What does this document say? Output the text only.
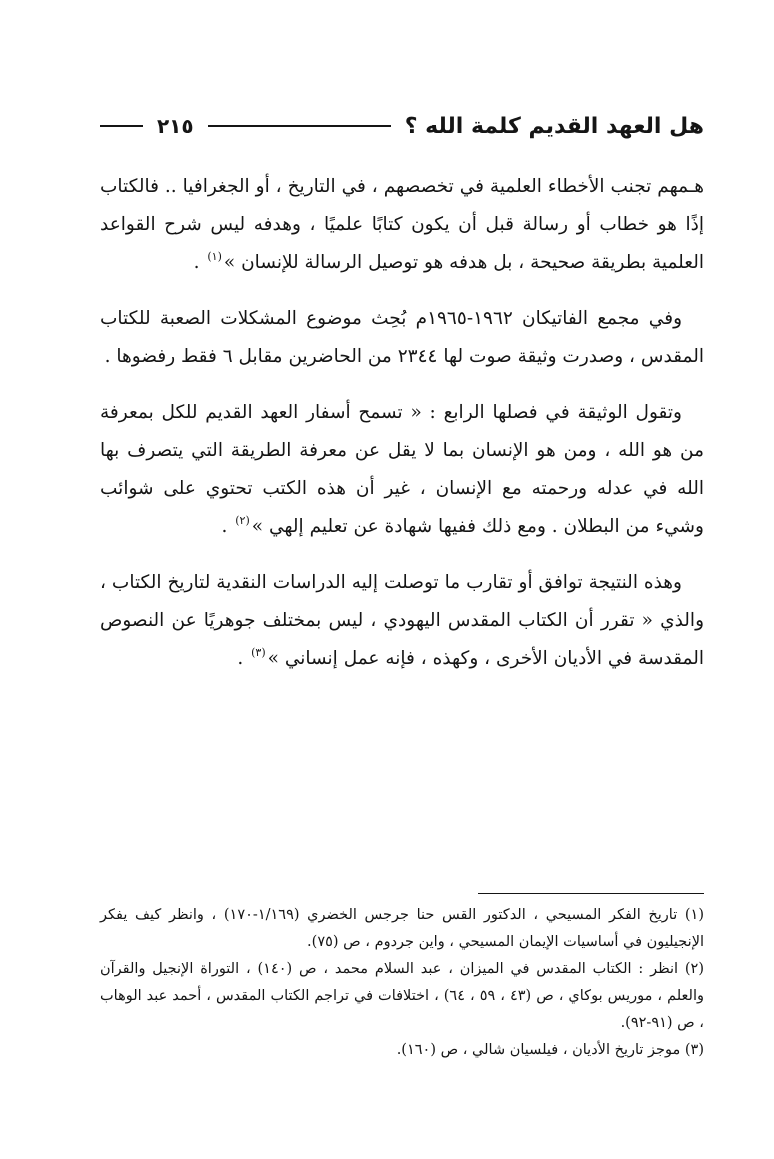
هل العهد القديم كلمة الله ؟
٢١٥

هـمهم تجنب الأخطاء العلمية في تخصصهم ، في التاريخ ، أو الجغرافيا .. فالكتاب إذًا هو خطاب أو رسالة قبل أن يكون كتابًا علميًا ، وهدفه ليس شرح القواعد العلمية بطريقة صحيحة ، بل هدفه هو توصيل الرسالة للإنسان »$^{(١)}$ .

وفي مجمع الفاتيكان ١٩٦٢-١٩٦٥م بُحِث موضوع المشكلات الصعبة للكتاب المقدس ، وصدرت وثيقة صوت لها ٢٣٤٤ من الحاضرين مقابل ٦ فقط رفضوها .

وتقول الوثيقة في فصلها الرابع : « تسمح أسفار العهد القديم للكل بمعرفة من هو الله ، ومن هو الإنسان بما لا يقل عن معرفة الطريقة التي يتصرف بها الله في عدله ورحمته مع الإنسان ، غير أن هذه الكتب تحتوي على شوائب وشيء من البطلان . ومع ذلك ففيها شهادة عن تعليم إلهي »$^{(٢)}$ .

وهذه النتيجة توافق أو تقارب ما توصلت إليه الدراسات النقدية لتاريخ الكتاب ، والذي « تقرر أن الكتاب المقدس اليهودي ، ليس بمختلف جوهريًا عن النصوص المقدسة في الأديان الأخرى ، وكهذه ، فإنه عمل إنساني »$^{(٣)}$ .

(١) تاريخ الفكر المسيحي ، الدكتور القس حنا جرجس الخضري (١/١٦٩-١٧٠) ، وانظر كيف يفكر الإنجيليون في أساسيات الإيمان المسيحي ، واين جردوم ، ص (٧٥).

(٢) انظر : الكتاب المقدس في الميزان ، عبد السلام محمد ، ص (١٤٠) ، التوراة الإنجيل والقرآن والعلم ، موريس بوكاي ، ص (٤٣ ، ٥٩ ، ٦٤) ، اختلافات في تراجم الكتاب المقدس ، أحمد عبد الوهاب ، ص (٩١-٩٢).

(٣) موجز تاريخ الأديان ، فيلسيان شالي ، ص (١٦٠).
